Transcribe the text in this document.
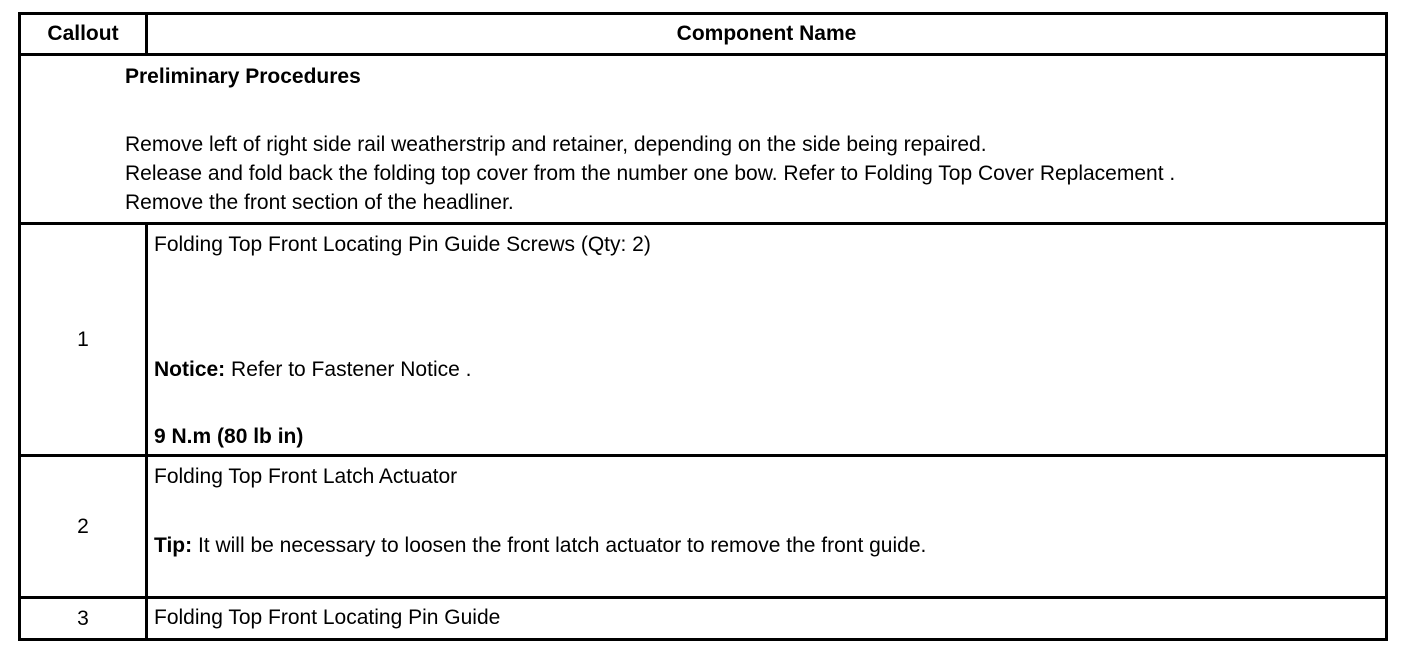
Callout	Component Name
Preliminary Procedures
Remove left of right side rail weatherstrip and retainer, depending on the side being repaired.
Release and fold back the folding top cover from the number one bow. Refer to Folding Top Cover Replacement .
Remove the front section of the headliner.
1
Folding Top Front Locating Pin Guide Screws (Qty: 2)
Notice: Refer to Fastener Notice .
9 N.m (80 lb in)
2
Folding Top Front Latch Actuator
Tip: It will be necessary to loosen the front latch actuator to remove the front guide.
3	Folding Top Front Locating Pin Guide
